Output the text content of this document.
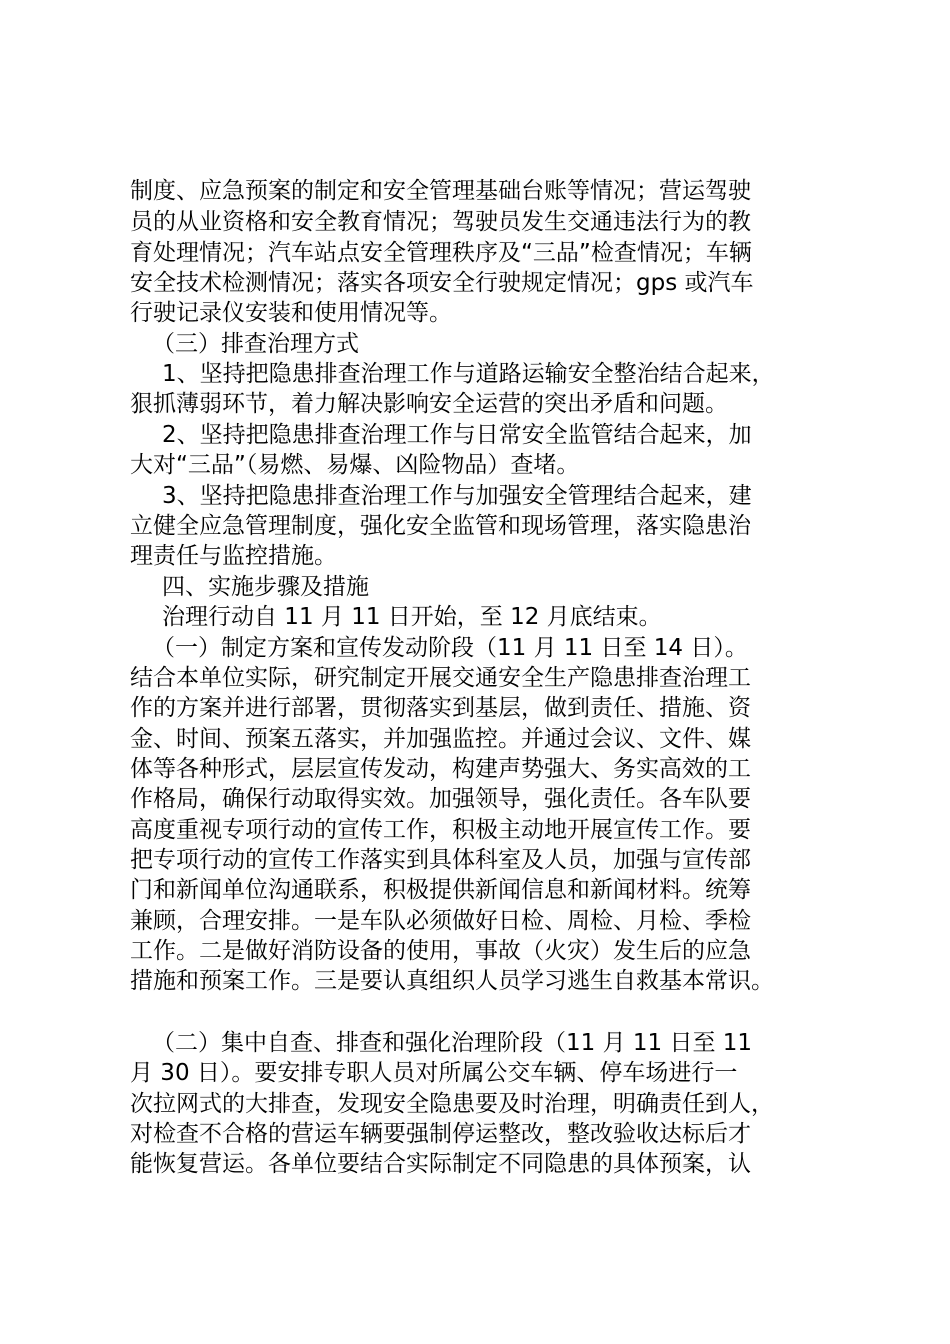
制度、应急预案的制定和安全管理基础台账等情况；营运驾驶
员的从业资格和安全教育情况；驾驶员发生交通违法行为的教
育处理情况；汽车站点安全管理秩序及“三品”检查情况；车辆
安全技术检测情况；落实各项安全行驶规定情况；gps 或汽车
行驶记录仪安装和使用情况等。
（三）排查治理方式
1、坚持把隐患排查治理工作与道路运输安全整治结合起来，
狠抓薄弱环节，着力解决影响安全运营的突出矛盾和问题。
2、坚持把隐患排查治理工作与日常安全监管结合起来，加
大对“三品”（易燃、易爆、凶险物品）查堵。
3、坚持把隐患排查治理工作与加强安全管理结合起来，建
立健全应急管理制度，强化安全监管和现场管理，落实隐患治
理责任与监控措施。
四、实施步骤及措施
治理行动自 11 月 11 日开始，至 12 月底结束。
（一）制定方案和宣传发动阶段（11 月 11 日至 14 日）。
结合本单位实际，研究制定开展交通安全生产隐患排查治理工
作的方案并进行部署，贯彻落实到基层，做到责任、措施、资
金、时间、预案五落实，并加强监控。并通过会议、文件、媒
体等各种形式，层层宣传发动，构建声势强大、务实高效的工
作格局，确保行动取得实效。加强领导，强化责任。各车队要
高度重视专项行动的宣传工作，积极主动地开展宣传工作。要
把专项行动的宣传工作落实到具体科室及人员，加强与宣传部
门和新闻单位沟通联系，积极提供新闻信息和新闻材料。统筹
兼顾，合理安排。一是车队必须做好日检、周检、月检、季检
工作。二是做好消防设备的使用，事故（火灾）发生后的应急
措施和预案工作。三是要认真组织人员学习逃生自救基本常识。
（二）集中自查、排查和强化治理阶段（11 月 11 日至 11
月 30 日）。要安排专职人员对所属公交车辆、停车场进行一
次拉网式的大排查，发现安全隐患要及时治理，明确责任到人，
对检查不合格的营运车辆要强制停运整改，整改验收达标后才
能恢复营运。各单位要结合实际制定不同隐患的具体预案，认
